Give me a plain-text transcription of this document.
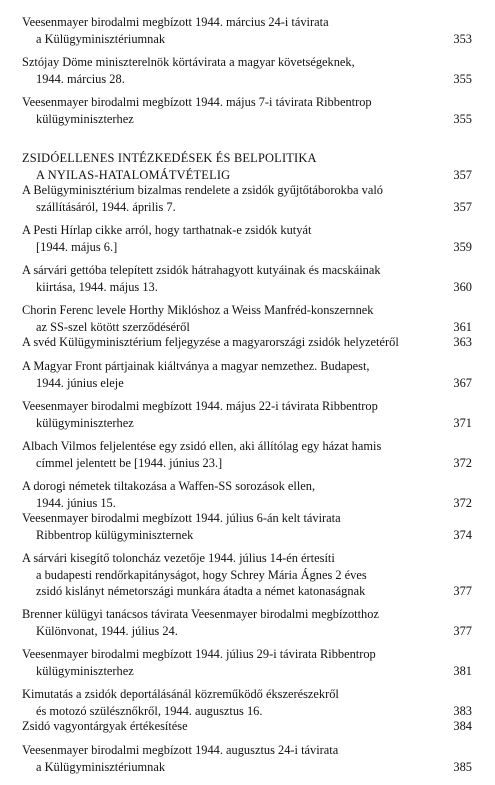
Veesenmayer birodalmi megbízott 1944. március 24-i távirata
a Külügyminisztériumnak	353
Sztójay Döme miniszterelnök körtávirata a magyar követségeknek,
1944. március 28.	355
Veesenmayer birodalmi megbízott 1944. május 7-i távirata Ribbentrop
külügyminiszterhez	355
ZSIDÓELLENES INTÉZKEDÉSEK ÉS BELPOLITIKA
A NYILAS-HATALOMÁTVÉTELIG	357
A Belügyminisztérium bizalmas rendelete a zsidók gyűjtőtáborokba való
szállításáról, 1944. április 7.	357
A Pesti Hírlap cikke arról, hogy tarthatnak-e zsidók kutyát
[1944. május 6.]	359
A sárvári gettóba telepített zsidók hátrahagyott kutyáinak és macskáinak
kiirtása, 1944. május 13.	360
Chorin Ferenc levele Horthy Miklóshoz a Weiss Manfréd-konszernnek
az SS-szel kötött szerződéséről	361
A svéd Külügyminisztérium feljegyzése a magyarországi zsidók helyzetéről	363
A Magyar Front pártjainak kiáltványa a magyar nemzethez. Budapest,
1944. június eleje	367
Veesenmayer birodalmi megbízott 1944. május 22-i távirata Ribbentrop
külügyminiszterhez	371
Albach Vilmos feljelentése egy zsidó ellen, aki állítólag egy házat hamis
címmel jelentett be [1944. június 23.]	372
A dorogi németek tiltakozása a Waffen-SS sorozások ellen,
1944. június 15.	372
Veesenmayer birodalmi megbízott 1944. július 6-án kelt távirata
Ribbentrop külügyminiszternek	374
A sárvári kisegítő toloncház vezetője 1944. július 14-én értesíti
a budapesti rendőrkapitányságot, hogy Schrey Mária Ágnes 2 éves
zsidó kislányt németországi munkára átadta a német katonaságnak	377
Brenner külügyi tanácsos távirata Veesenmayer birodalmi megbízotthoz
Különvonat, 1944. július 24.	377
Veesenmayer birodalmi megbízott 1944. július 29-i távirata Ribbentrop
külügyminiszterhez	381
Kimutatás a zsidók deportálásánál közreműködő ékszerészekről
és motozó szülésznőkről, 1944. augusztus 16.	383
Zsidó vagyontárgyak értékesítése	384
Veesenmayer birodalmi megbízott 1944. augusztus 24-i távirata
a Külügyminisztériumnak	385
